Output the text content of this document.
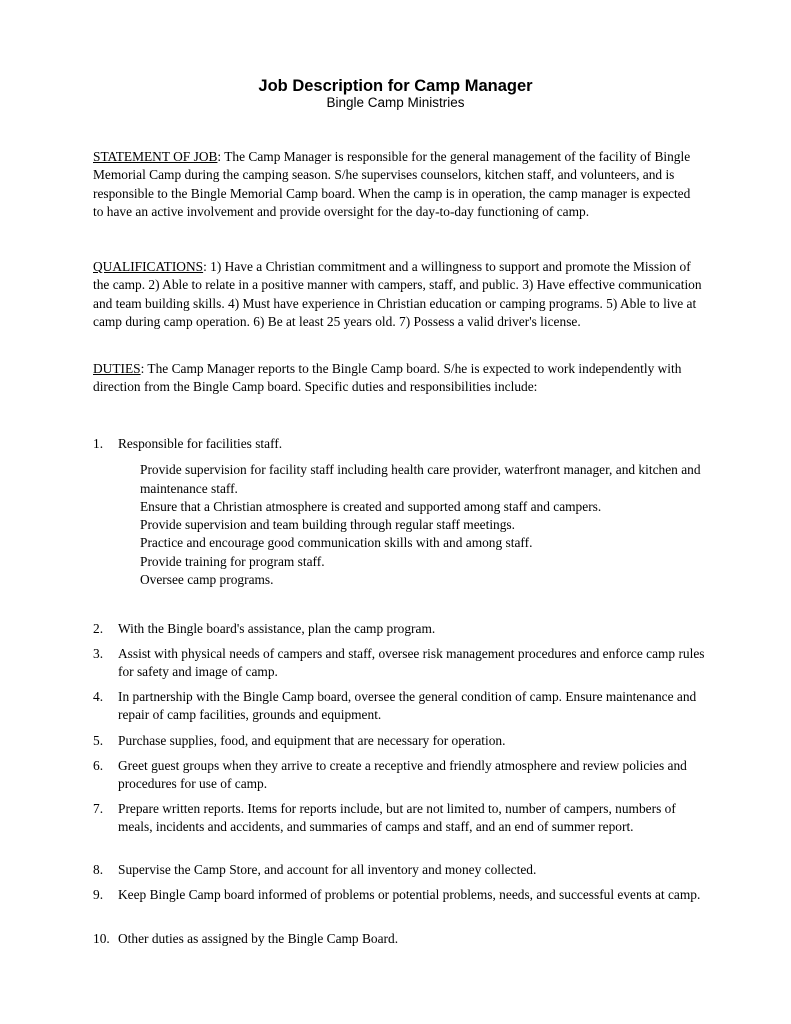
Job Description for Camp Manager
Bingle Camp Ministries

STATEMENT OF JOB: The Camp Manager is responsible for the general management of the facility of Bingle Memorial Camp during the camping season. S/he supervises counselors, kitchen staff, and volunteers, and is responsible to the Bingle Memorial Camp board. When the camp is in operation, the camp manager is expected to have an active involvement and provide oversight for the day-to-day functioning of camp.

QUALIFICATIONS: 1) Have a Christian commitment and a willingness to support and promote the Mission of the camp. 2) Able to relate in a positive manner with campers, staff, and public. 3) Have effective communication and team building skills. 4) Must have experience in Christian education or camping programs. 5) Able to live at camp during camp operation. 6) Be at least 25 years old. 7) Possess a valid driver's license.

DUTIES: The Camp Manager reports to the Bingle Camp board. S/he is expected to work independently with direction from the Bingle Camp board. Specific duties and responsibilities include:

1. Responsible for facilities staff.
Provide supervision for facility staff including health care provider, waterfront manager, and kitchen and maintenance staff.
Ensure that a Christian atmosphere is created and supported among staff and campers.
Provide supervision and team building through regular staff meetings.
Practice and encourage good communication skills with and among staff.
Provide training for program staff.
Oversee camp programs.
2. With the Bingle board's assistance, plan the camp program.
3. Assist with physical needs of campers and staff, oversee risk management procedures and enforce camp rules for safety and image of camp.
4. In partnership with the Bingle Camp board, oversee the general condition of camp. Ensure maintenance and repair of camp facilities, grounds and equipment.
5. Purchase supplies, food, and equipment that are necessary for operation.
6. Greet guest groups when they arrive to create a receptive and friendly atmosphere and review policies and procedures for use of camp.
7. Prepare written reports. Items for reports include, but are not limited to, number of campers, numbers of meals, incidents and accidents, and summaries of camps and staff, and an end of summer report.
8. Supervise the Camp Store, and account for all inventory and money collected.
9. Keep Bingle Camp board informed of problems or potential problems, needs, and successful events at camp.
10. Other duties as assigned by the Bingle Camp Board.
